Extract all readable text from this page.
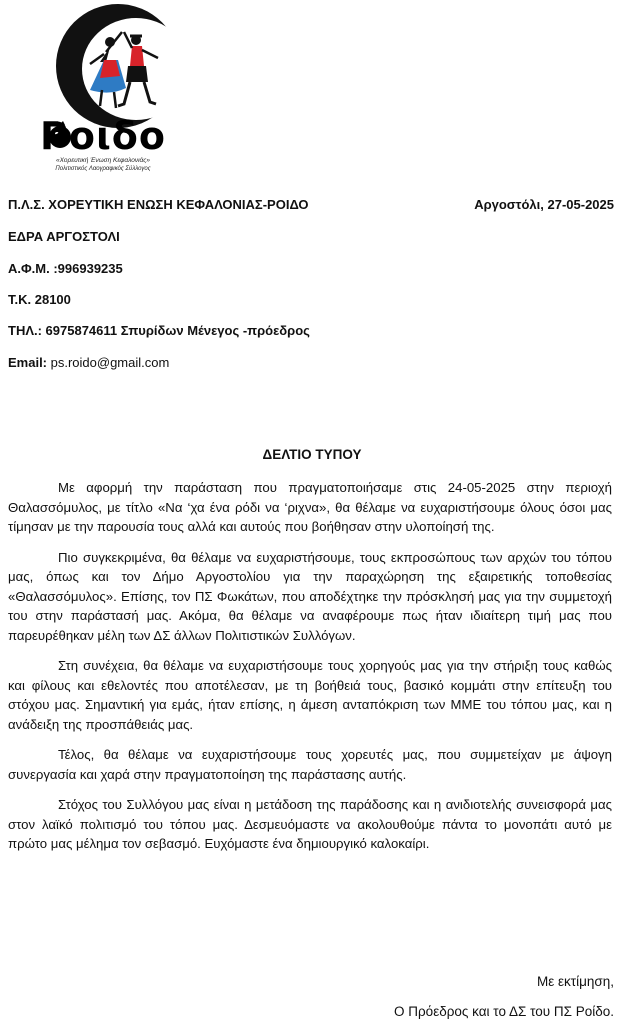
Ροιδο
«Χορευτική Ένωση Κεφαλονιάς»
Πολιτιστικός Λαογραφικός Σύλλογος
Π.Λ.Σ. ΧΟΡΕΥΤΙΚΗ ΕΝΩΣΗ ΚΕΦΑΛΟΝΙΑΣ-ΡΟΙΔΟ	Αργοστόλι, 27-05-2025
ΕΔΡΑ ΑΡΓΟΣΤΟΛΙ
Α.Φ.Μ. :996939235
Τ.Κ. 28100
ΤΗΛ.: 6975874611 Σπυρίδων Μένεγος -πρόεδρος
Email: ps.roido@gmail.com
ΔΕΛΤΙΟ ΤΥΠΟΥ

Με αφορμή την παράσταση που πραγματοποιήσαμε στις 24-05-2025 στην περιοχή Θαλασσόμυλος, με τίτλο «Να ‘χα ένα ρόδι να ‘ριχνα», θα θέλαμε να ευχαριστήσουμε όλους όσοι μας τίμησαν με την παρουσία τους αλλά και αυτούς που βοήθησαν στην υλοποίησή της.

Πιο συγκεκριμένα, θα θέλαμε να ευχαριστήσουμε, τους εκπροσώπους των αρχών του τόπου μας, όπως και τον Δήμο Αργοστολίου για την παραχώρηση της εξαιρετικής τοποθεσίας «Θαλασσόμυλος». Επίσης, τον ΠΣ Φωκάτων, που αποδέχτηκε την πρόσκλησή μας για την συμμετοχή του στην παράστασή μας. Ακόμα, θα θέλαμε να αναφέρουμε πως ήταν ιδιαίτερη τιμή μας που παρευρέθηκαν μέλη των ΔΣ άλλων Πολιτιστικών Συλλόγων.

Στη συνέχεια, θα θέλαμε να ευχαριστήσουμε τους χορηγούς μας για την στήριξη τους καθώς και φίλους και εθελοντές που αποτέλεσαν, με τη βοήθειά τους, βασικό κομμάτι στην επίτευξη του στόχου μας. Σημαντική για εμάς, ήταν επίσης, η άμεση ανταπόκριση των ΜΜΕ του τόπου μας, και η ανάδειξη της προσπάθειάς μας.

Τέλος, θα θέλαμε να ευχαριστήσουμε τους χορευτές μας, που συμμετείχαν με άψογη συνεργασία και χαρά στην πραγματοποίηση της παράστασης αυτής.

Στόχος του Συλλόγου μας είναι η μετάδοση της παράδοσης και η ανιδιοτελής συνεισφορά μας στον λαϊκό πολιτισμό του τόπου μας. Δεσμευόμαστε να ακολουθούμε πάντα το μονοπάτι αυτό με πρώτο μας μέλημα τον σεβασμό. Ευχόμαστε ένα δημιουργικό καλοκαίρι.

Με εκτίμηση,
Ο Πρόεδρος και το ΔΣ του ΠΣ Ροίδο.
